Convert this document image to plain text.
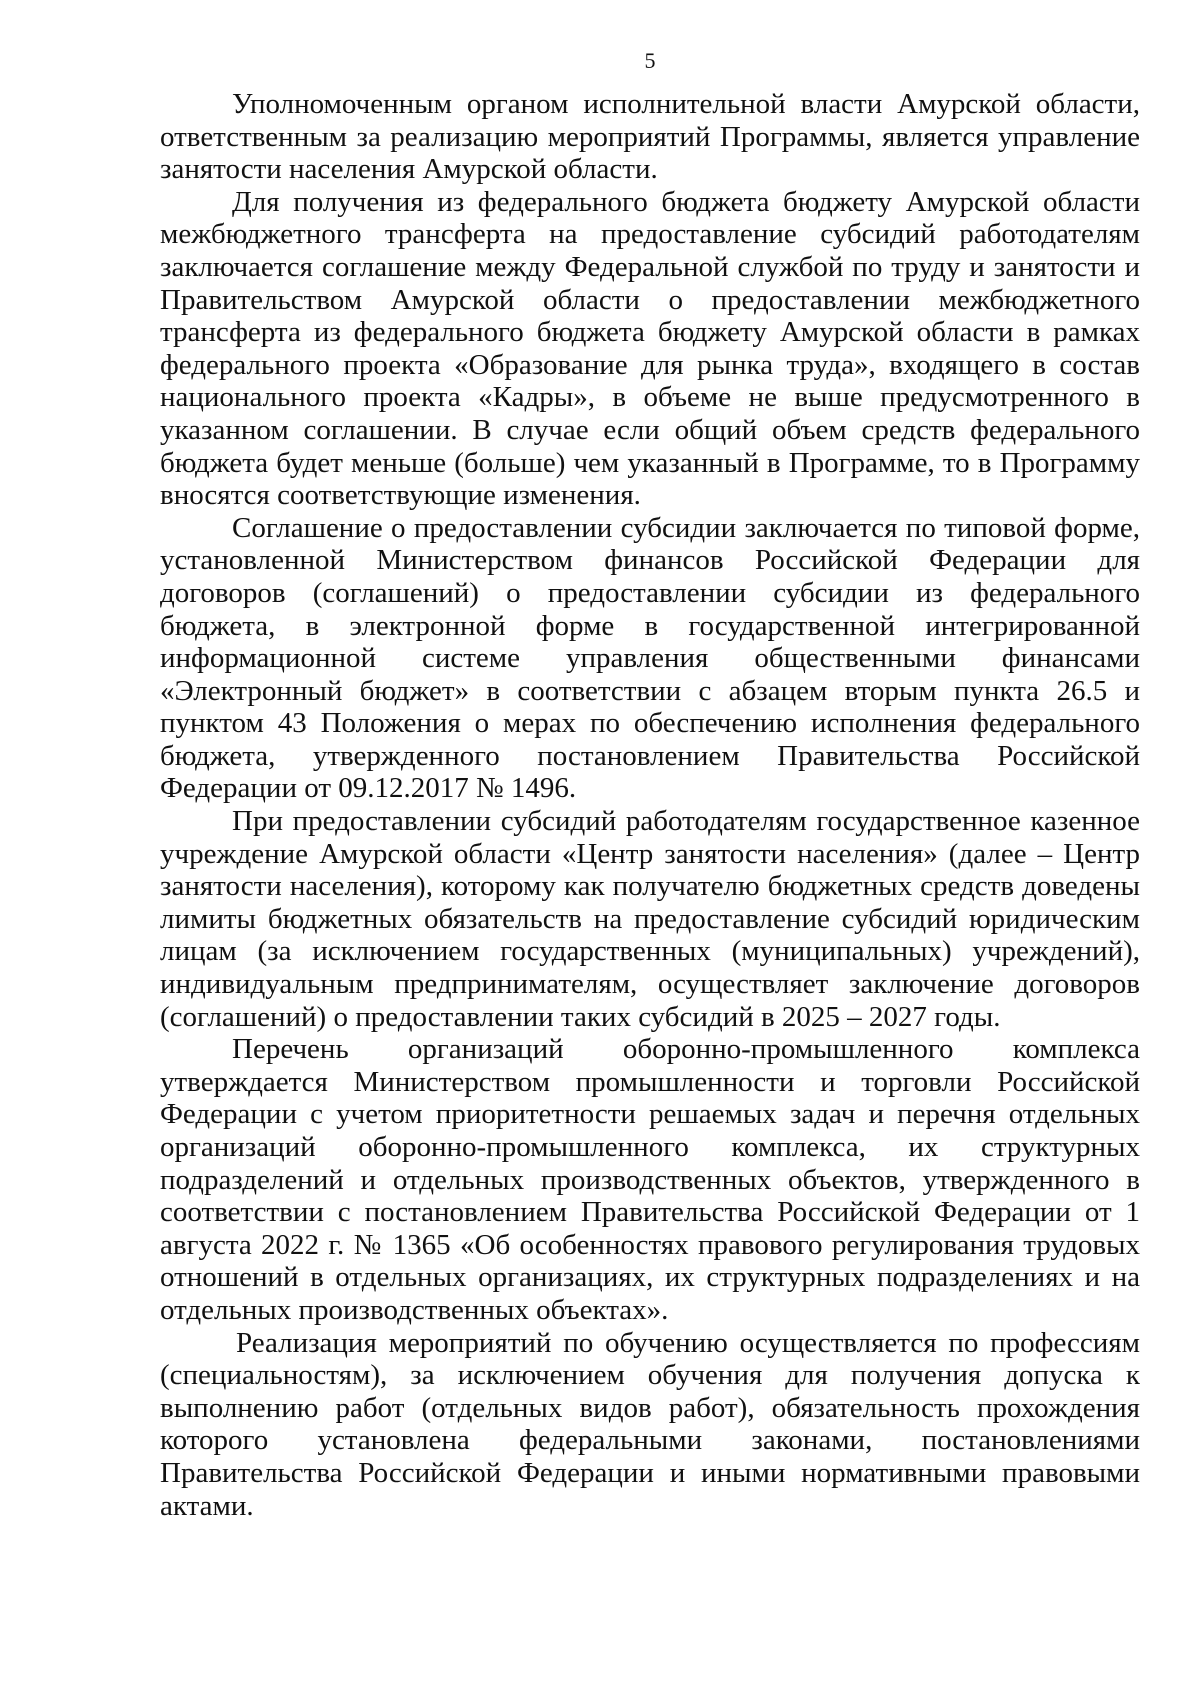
5

Уполномоченным органом исполнительной власти Амурской области, ответственным за реализацию мероприятий Программы, является управление занятости населения Амурской области.

Для получения из федерального бюджета бюджету Амурской области межбюджетного трансферта на предоставление субсидий работодателям заключается соглашение между Федеральной службой по труду и занятости и Правительством Амурской области о предоставлении межбюджетного трансферта из федерального бюджета бюджету Амурской области в рамках федерального проекта «Образование для рынка труда», входящего в состав национального проекта «Кадры», в объеме не выше предусмотренного в указанном соглашении. В случае если общий объем средств федерального бюджета будет меньше (больше) чем указанный в Программе, то в Программу вносятся соответствующие изменения.

Соглашение о предоставлении субсидии заключается по типовой форме, установленной Министерством финансов Российской Федерации для договоров (соглашений) о предоставлении субсидии из федерального бюджета, в электронной форме в государственной интегрированной информационной системе управления общественными финансами «Электронный бюджет» в соответствии с абзацем вторым пункта 26.5 и пунктом 43 Положения о мерах по обеспечению исполнения федерального бюджета, утвержденного постановлением Правительства Российской Федерации от 09.12.2017 № 1496.

При предоставлении субсидий работодателям государственное казенное учреждение Амурской области «Центр занятости населения» (далее – Центр занятости населения), которому как получателю бюджетных средств доведены лимиты бюджетных обязательств на предоставление субсидий юридическим лицам (за исключением государственных (муниципальных) учреждений), индивидуальным предпринимателям, осуществляет заключение договоров (соглашений) о предоставлении таких субсидий в 2025 – 2027 годы.

Перечень организаций оборонно-промышленного комплекса утверждается Министерством промышленности и торговли Российской Федерации с учетом приоритетности решаемых задач и перечня отдельных организаций оборонно-промышленного комплекса, их структурных подразделений и отдельных производственных объектов, утвержденного в соответствии с постановлением Правительства Российской Федерации от 1 августа 2022 г. № 1365 «Об особенностях правового регулирования трудовых отношений в отдельных организациях, их структурных подразделениях и на отдельных производственных объектах».

Реализация мероприятий по обучению осуществляется по профессиям (специальностям), за исключением обучения для получения допуска к выполнению работ (отдельных видов работ), обязательность прохождения которого установлена федеральными законами, постановлениями Правительства Российской Федерации и иными нормативными правовыми актами.
